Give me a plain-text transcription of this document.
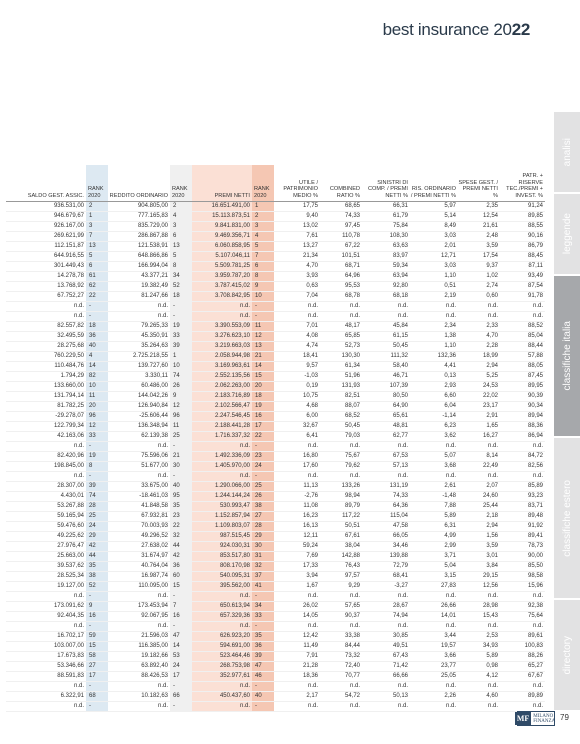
best insurance 2022
analisi
leggende
classifiche italia
classifiche estero
directory
SALDO GEST. ASSIC.	RANK 2020	REDDITO ORDINARIO	RANK 2020	PREMI NETTI	RANK 2020	UTILE / PATRIMONIO MEDIO %	COMBINED RATIO %	SINISTRI DI COMP. / PREMI NETTI %	RIS. ORDINARIO / PREMI NETTI %	SPESE GEST. / PREMI NETTI %	PATR. + RISERVE TEC./PREMI + INVEST. %
936.531,00	2	904.805,00	2	16.651.491,00	1	17,75	68,65	66,31	5,97	2,35	91,24
946.679,67	1	777.165,83	4	15.113.873,51	2	9,40	74,33	61,79	5,14	12,54	89,85
926.167,00	3	835.729,00	3	9.841.831,00	3	13,02	97,45	75,84	8,49	21,61	88,55
269.621,99	7	286.867,88	6	9.469.356,71	4	7,61	110,78	108,30	3,03	2,48	90,16
112.151,87	13	121.538,91	13	6.060.858,95	5	13,27	67,22	63,63	2,01	3,59	86,79
644.916,55	5	648.866,86	5	5.107.046,11	7	21,34	101,51	83,97	12,71	17,54	88,45
301.449,43	6	166.994,04	8	5.509.781,25	6	4,70	68,71	59,34	3,03	9,37	87,11
14.278,78	61	43.377,21	34	3.959.787,20	8	3,93	64,96	63,94	1,10	1,02	93,49
13.768,92	62	19.382,49	52	3.787.415,02	9	0,63	95,53	92,80	0,51	2,74	87,54
67.752,27	22	81.247,66	18	3.708.842,95	10	7,04	68,78	68,18	2,19	0,60	91,78
n.d.	-	n.d.	-	n.d.	-	n.d.	n.d.	n.d.	n.d.	n.d.	n.d.
n.d.	-	n.d.	-	n.d.	-	n.d.	n.d.	n.d.	n.d.	n.d.	n.d.
82.557,82	18	79.265,33	19	3.390.553,09	11	7,01	48,17	45,84	2,34	2,33	88,52
32.495,59	36	45.350,91	33	3.276.623,10	12	4,08	65,85	61,15	1,38	4,70	85,04
28.275,68	40	35.264,63	39	3.219.663,03	13	4,74	52,73	50,45	1,10	2,28	88,44
760.229,50	4	2.725.218,55	1	2.058.944,98	21	18,41	130,30	111,32	132,36	18,99	57,88
110.484,76	14	139.727,60	10	3.169.963,61	14	9,57	61,34	58,40	4,41	2,94	88,05
1.794,29	82	3.330,11	74	2.552.135,56	15	-1,03	51,96	46,71	0,13	5,25	87,45
133.660,00	10	60.486,00	26	2.062.263,00	20	0,19	131,93	107,39	2,93	24,53	89,95
131.794,14	11	144.042,26	9	2.183.716,89	18	10,75	82,51	80,50	6,60	22,02	90,39
81.782,25	20	126.940,84	12	2.102.566,47	19	4,68	88,07	64,90	6,04	23,17	90,34
-29.278,07	96	-25.606,44	96	2.247.546,45	16	6,00	68,52	65,61	-1,14	2,91	89,94
122.799,34	12	136.348,94	11	2.188.441,28	17	32,67	50,45	48,81	6,23	1,65	88,36
42.163,06	33	62.139,38	25	1.716.337,32	22	6,41	79,03	62,77	3,62	16,27	86,94
n.d.	-	n.d.	-	n.d.	-	n.d.	n.d.	n.d.	n.d.	n.d.	n.d.
82.420,96	19	75.596,06	21	1.492.336,09	23	16,80	75,67	67,53	5,07	8,14	84,72
198.845,00	8	51.677,00	30	1.405.970,00	24	17,60	79,62	57,13	3,68	22,49	82,56
n.d.	-	n.d.	-	n.d.	-	n.d.	n.d.	n.d.	n.d.	n.d.	n.d.
28.307,00	39	33.675,00	40	1.290.066,00	25	11,13	133,26	131,19	2,61	2,07	85,89
4.430,01	74	-18.461,03	95	1.244.144,24	26	-2,76	98,94	74,33	-1,48	24,60	93,23
53.267,88	28	41.848,58	35	530.993,47	38	11,08	89,79	64,36	7,88	25,44	83,71
59.165,94	25	67.932,81	23	1.152.857,94	27	16,23	117,22	115,04	5,89	2,18	89,48
59.476,60	24	70.003,93	22	1.109.803,07	28	16,13	50,51	47,58	6,31	2,94	91,92
49.225,62	29	49.296,52	32	987.515,45	29	12,11	67,61	66,05	4,99	1,56	89,41
27.976,47	42	27.638,02	44	924.030,31	30	59,24	38,04	34,46	2,99	3,59	78,73
25.663,00	44	31.674,97	42	853.517,80	31	7,69	142,88	139,88	3,71	3,01	90,00
39.537,62	35	40.764,04	36	808.170,98	32	17,33	76,43	72,79	5,04	3,84	85,50
28.525,34	38	16.987,74	60	540.095,31	37	3,94	97,57	68,41	3,15	29,15	98,58
19.127,00	52	110.095,00	15	395.562,00	41	1,67	9,29	-3,27	27,83	12,56	15,96
n.d.	-	n.d.	-	n.d.	-	n.d.	n.d.	n.d.	n.d.	n.d.	n.d.
173.091,62	9	173.453,94	7	650.613,94	34	26,02	57,65	28,67	26,66	28,98	92,38
92.404,35	16	92.067,95	16	657.329,36	33	14,05	90,37	74,94	14,01	15,43	75,64
n.d.	-	n.d.	-	n.d.	-	n.d.	n.d.	n.d.	n.d.	n.d.	n.d.
16.702,17	59	21.596,03	47	626.923,20	35	12,42	33,38	30,85	3,44	2,53	89,61
103.007,00	15	116.385,00	14	594.691,00	36	11,49	84,44	49,51	19,57	34,93	100,83
17.673,83	58	19.182,66	53	523.464,46	39	7,91	73,32	67,43	3,66	5,89	88,26
53.346,66	27	63.892,40	24	268.753,98	47	21,28	72,40	71,42	23,77	0,98	65,27
88.591,83	17	88.426,53	17	352.977,61	46	18,36	70,77	66,66	25,05	4,12	67,67
n.d.	-	n.d.	-	n.d.	-	n.d.	n.d.	n.d.	n.d.	n.d.	n.d.
6.322,91	68	10.182,63	66	450.437,60	40	2,17	54,72	50,13	2,26	4,60	89,89
n.d.	-	n.d.	-	n.d.	-	n.d.	n.d.	n.d.	n.d.	n.d.	n.d.
MF MILANO FINANZA 79
